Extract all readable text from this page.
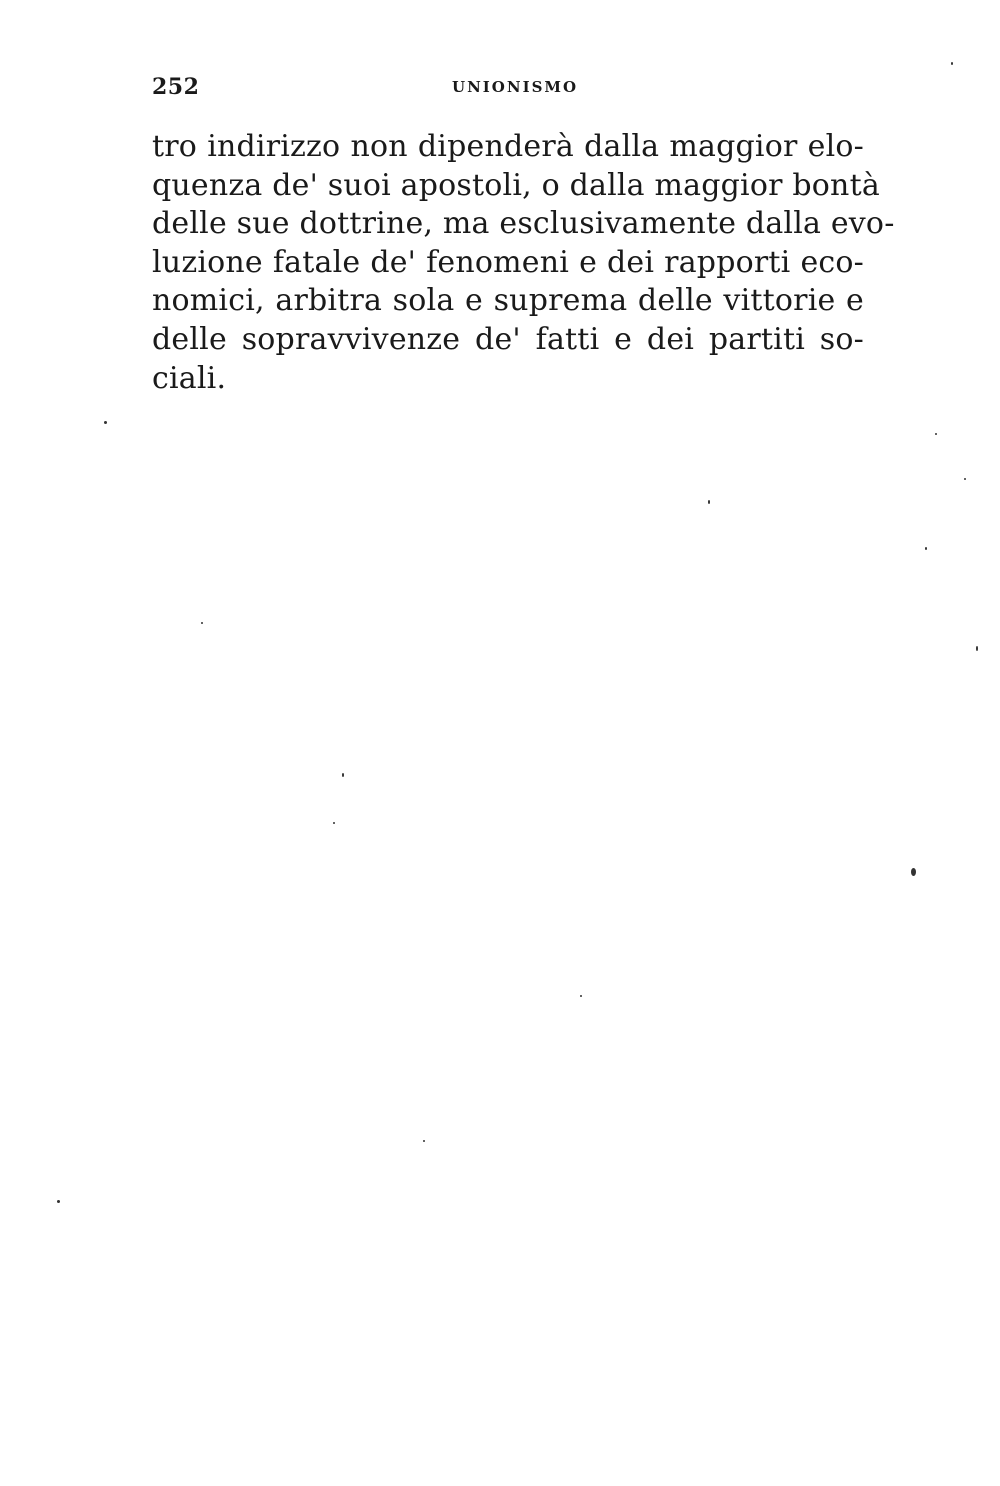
252	UNIONISMO
tro indirizzo non dipenderà dalla maggior elo-
quenza de' suoi apostoli, o dalla maggior bontà
delle sue dottrine, ma esclusivamente dalla evo-
luzione fatale de' fenomeni e dei rapporti eco-
nomici, arbitra sola e suprema delle vittorie e
delle sopravvivenze de' fatti e dei partiti so-
ciali.
